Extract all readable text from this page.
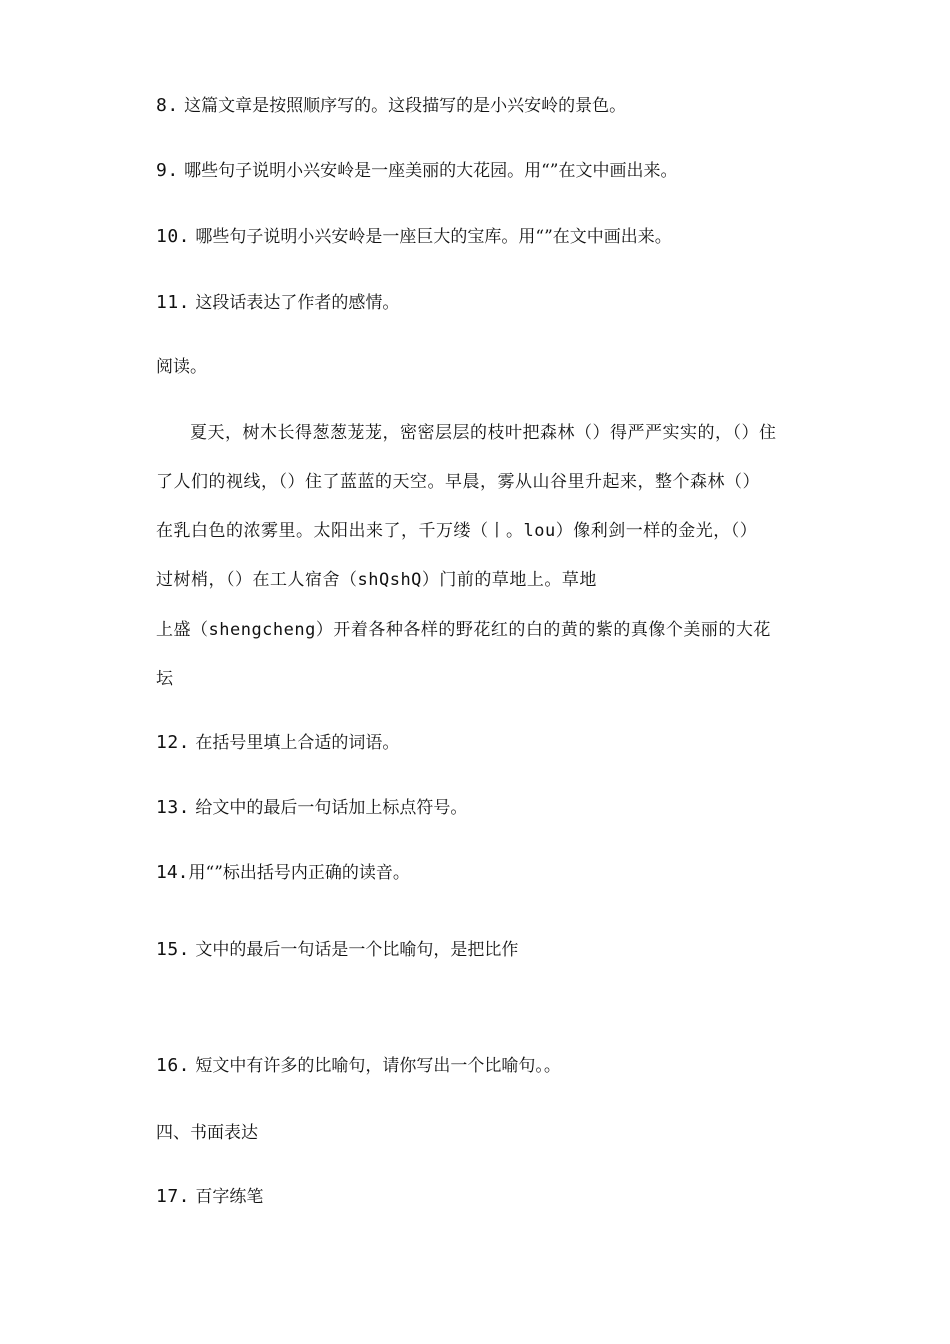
8. 这篇文章是按照顺序写的。这段描写的是小兴安岭的景色。
9. 哪些句子说明小兴安岭是一座美丽的大花园。用“”在文中画出来。
10. 哪些句子说明小兴安岭是一座巨大的宝库。用“”在文中画出来。
11. 这段话表达了作者的感情。
阅读。
夏天，树木长得葱葱茏茏，密密层层的枝叶把森林（）得严严实实的，（）住
了人们的视线，（）住了蓝蓝的天空。早晨，雾从山谷里升起来，整个森林（）
在乳白色的浓雾里。太阳出来了，千万缕（丨。lou）像利剑一样的金光，（）
过树梢，（）在工人宿舍（shQshQ）门前的草地上。草地
上盛（shengcheng）开着各种各样的野花红的白的黄的紫的真像个美丽的大花
坛
12. 在括号里填上合适的词语。
13. 给文中的最后一句话加上标点符号。
14.用“”标出括号内正确的读音。
15. 文中的最后一句话是一个比喻句，是把比作
16. 短文中有许多的比喻句，请你写出一个比喻句。。
四、书面表达
17. 百字练笔
